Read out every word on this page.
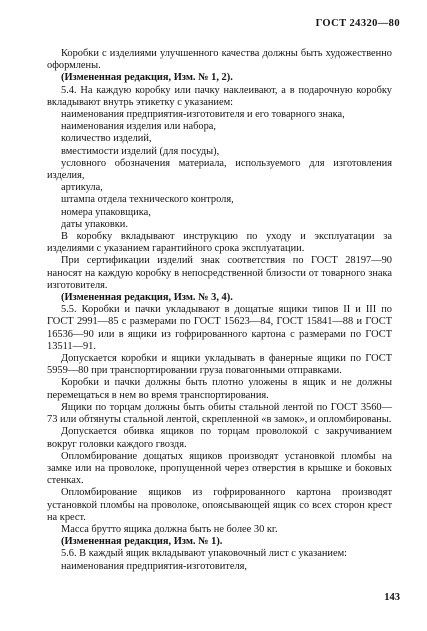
ГОСТ 24320—80

Коробки с изделиями улучшенного качества должны быть художественно оформлены.

(Измененная редакция, Изм. № 1, 2).

5.4. На каждую коробку или пачку наклеивают, а в подарочную коробку вкладывают внутрь этикетку с указанием:

наименования предприятия-изготовителя и его товарного знака,

наименования изделия или набора,

количество изделий,

вместимости изделий (для посуды),

условного обозначения материала, используемого для изготовления изделия,

артикула,

штампа отдела технического контроля,

номера упаковщика,

даты упаковки.

В коробку вкладывают инструкцию по уходу и эксплуатации за изделиями с указанием гарантийного срока эксплуатации.

При сертификации изделий знак соответствия по ГОСТ 28197—90 наносят на каждую коробку в непосредственной близости от товарного знака изготовителя.

(Измененная редакция, Изм. № 3, 4).

5.5. Коробки и пачки укладывают в дощатые ящики типов II и III по ГОСТ 2991—85 с размерами по ГОСТ 15623—84, ГОСТ 15841—88 и ГОСТ 16536—90 или в ящики из гофрированного картона с размерами по ГОСТ 13511—91.

Допускается коробки и ящики укладывать в фанерные ящики по ГОСТ 5959—80 при транспортировании груза повагонными отправками.

Коробки и пачки должны быть плотно уложены в ящик и не должны перемещаться в нем во время транспортирования.

Ящики по торцам должны быть обиты стальной лентой по ГОСТ 3560—73 или обтянуты стальной лентой, скрепленной «в замок», и опломбированы.

Допускается обивка ящиков по торцам проволокой с закручиванием вокруг головки каждого гвоздя.

Опломбирование дощатых ящиков производят установкой пломбы на замке или на проволоке, пропущенной через отверстия в крышке и боковых стенках.

Опломбирование ящиков из гофрированного картона производят установкой пломбы на проволоке, опоясывающей ящик со всех сторон крест на крест.

Масса брутто ящика должна быть не более 30 кг.

(Измененная редакция, Изм. № 1).

5.6. В каждый ящик вкладывают упаковочный лист с указанием:

наименования предприятия-изготовителя,

143
